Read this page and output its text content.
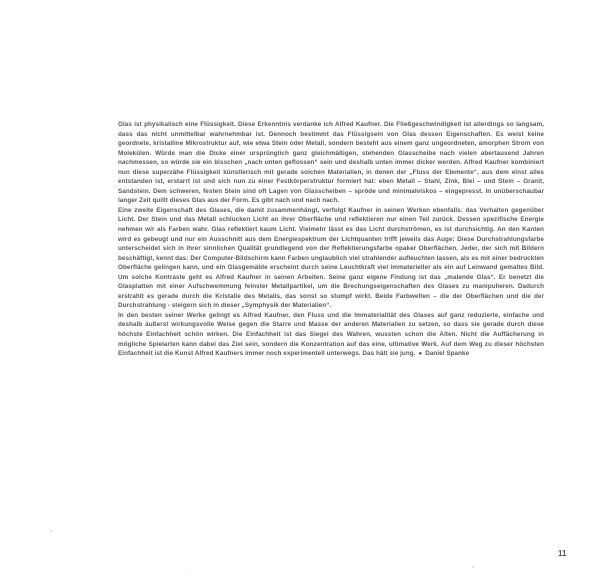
Glas ist physikalisch eine Flüssigkeit. Diese Erkenntnis verdanke ich Alfred Kaufner. Die Fließgeschwindigkeit ist allerdings so langsam, dass das nicht unmittelbar wahrnehmbar ist. Dennoch bestimmt das Flüssigsein von Glas dessen Eigenschaften. Es weist keine geordnete, kristalline Mikrostruktur auf, wie etwa Stein oder Metall, sondern besteht aus einem ganz ungeordneten, amorphen Strom von Molekülen. Würde man die Dicke einer ursprünglich ganz gleichmäßigen, stehenden Glasscheibe nach vielen abertausend Jahren nachmessen, so würde sie ein bisschen „nach unten geflossen“ sein und deshalb unten immer dicker werden. Alfred Kaufner kombiniert nun diese superzähe Flüssigkeit künstlerisch mit gerade solchen Materialien, in denen der „Fluss der Elemente“, aus dem einst alles entstanden ist, erstarrt ist und sich nun zu einer Festkörperstruktur formiert hat: eben Metall – Stahl, Zink, Blei – und Stein – Granit, Sandstein. Dem schweren, festen Stein sind oft Lagen von Glasscheiben – spröde und minimalviskos – eingepresst. In unüberschaubar langer Zeit quillt dieses Glas aus der Form. Es gibt nach und nach nach.

Eine zweite Eigenschaft des Glases, die damit zusammenhängt, verfolgt Kaufner in seinen Werken ebenfalls: das Verhalten gegenüber Licht. Der Stein und das Metall schlucken Licht an ihrer Oberfläche und reflektieren nur einen Teil zurück. Dessen spezifische Energie nehmen wir als Farben wahr. Glas reflektiert kaum Licht. Vielmehr lässt es das Licht durchströmen, es ist durchsichtig. An den Kanten wird es gebeugt und nur ein Ausschnitt aus dem Energiespektrum der Lichtquanten trifft jeweils das Auge: Diese Durchstrahlungsfarbe unterscheidet sich in ihrer sinnlichen Qualität grundlegend von der Reflektierungsfarbe opaker Oberflächen. Jeder, der sich mit Bildern beschäftigt, kennt das: Der Computer-Bildschirm kann Farben unglaublich viel strahlender aufleuchten lassen, als es mit einer bedruckten Oberfläche gelingen kann, und ein Glasgemälde erscheint durch seine Leuchtkraft viel immaterieller als ein auf Leinwand gemaltes Bild. Um solche Kontraste geht es Alfred Kaufner in seinen Arbeiten. Seine ganz eigene Findung ist das „malende Glas“. Er benetzt die Glasplatten mit einer Aufschwemmung feinster Metallpartikel, um die Brechungseigenschaften des Glases zu manipulieren. Dadurch erstrahlt es gerade durch die Kristalle des Metalls, das sonst so stumpf wirkt. Beide Farbwelten – die der Oberflächen und die der Durchstrahlung - steigern sich in dieser „Symphysik der Materialien“.

In den besten seiner Werke gelingt es Alfred Kaufner, den Fluss und die Immaterialität des Glases auf ganz reduzierte, einfache und deshalb äußerst wirkungsvolle Weise gegen die Starre und Masse der anderen Materialien zu setzen, so dass sie gerade durch diese höchste Einfachheit schön wirken. Die Einfachheit ist das Siegel des Wahren, wussten schon die Alten. Nicht die Auffächerung in mögliche Spielarten kann dabei das Ziel sein, sondern die Konzentration auf das eine, ultimative Werk. Auf dem Weg zu dieser höchsten Einfachheit ist die Kunst Alfred Kaufners immer noch experimentell unterwegs. Das hält sie jung. ● Daniel Spanke

11
